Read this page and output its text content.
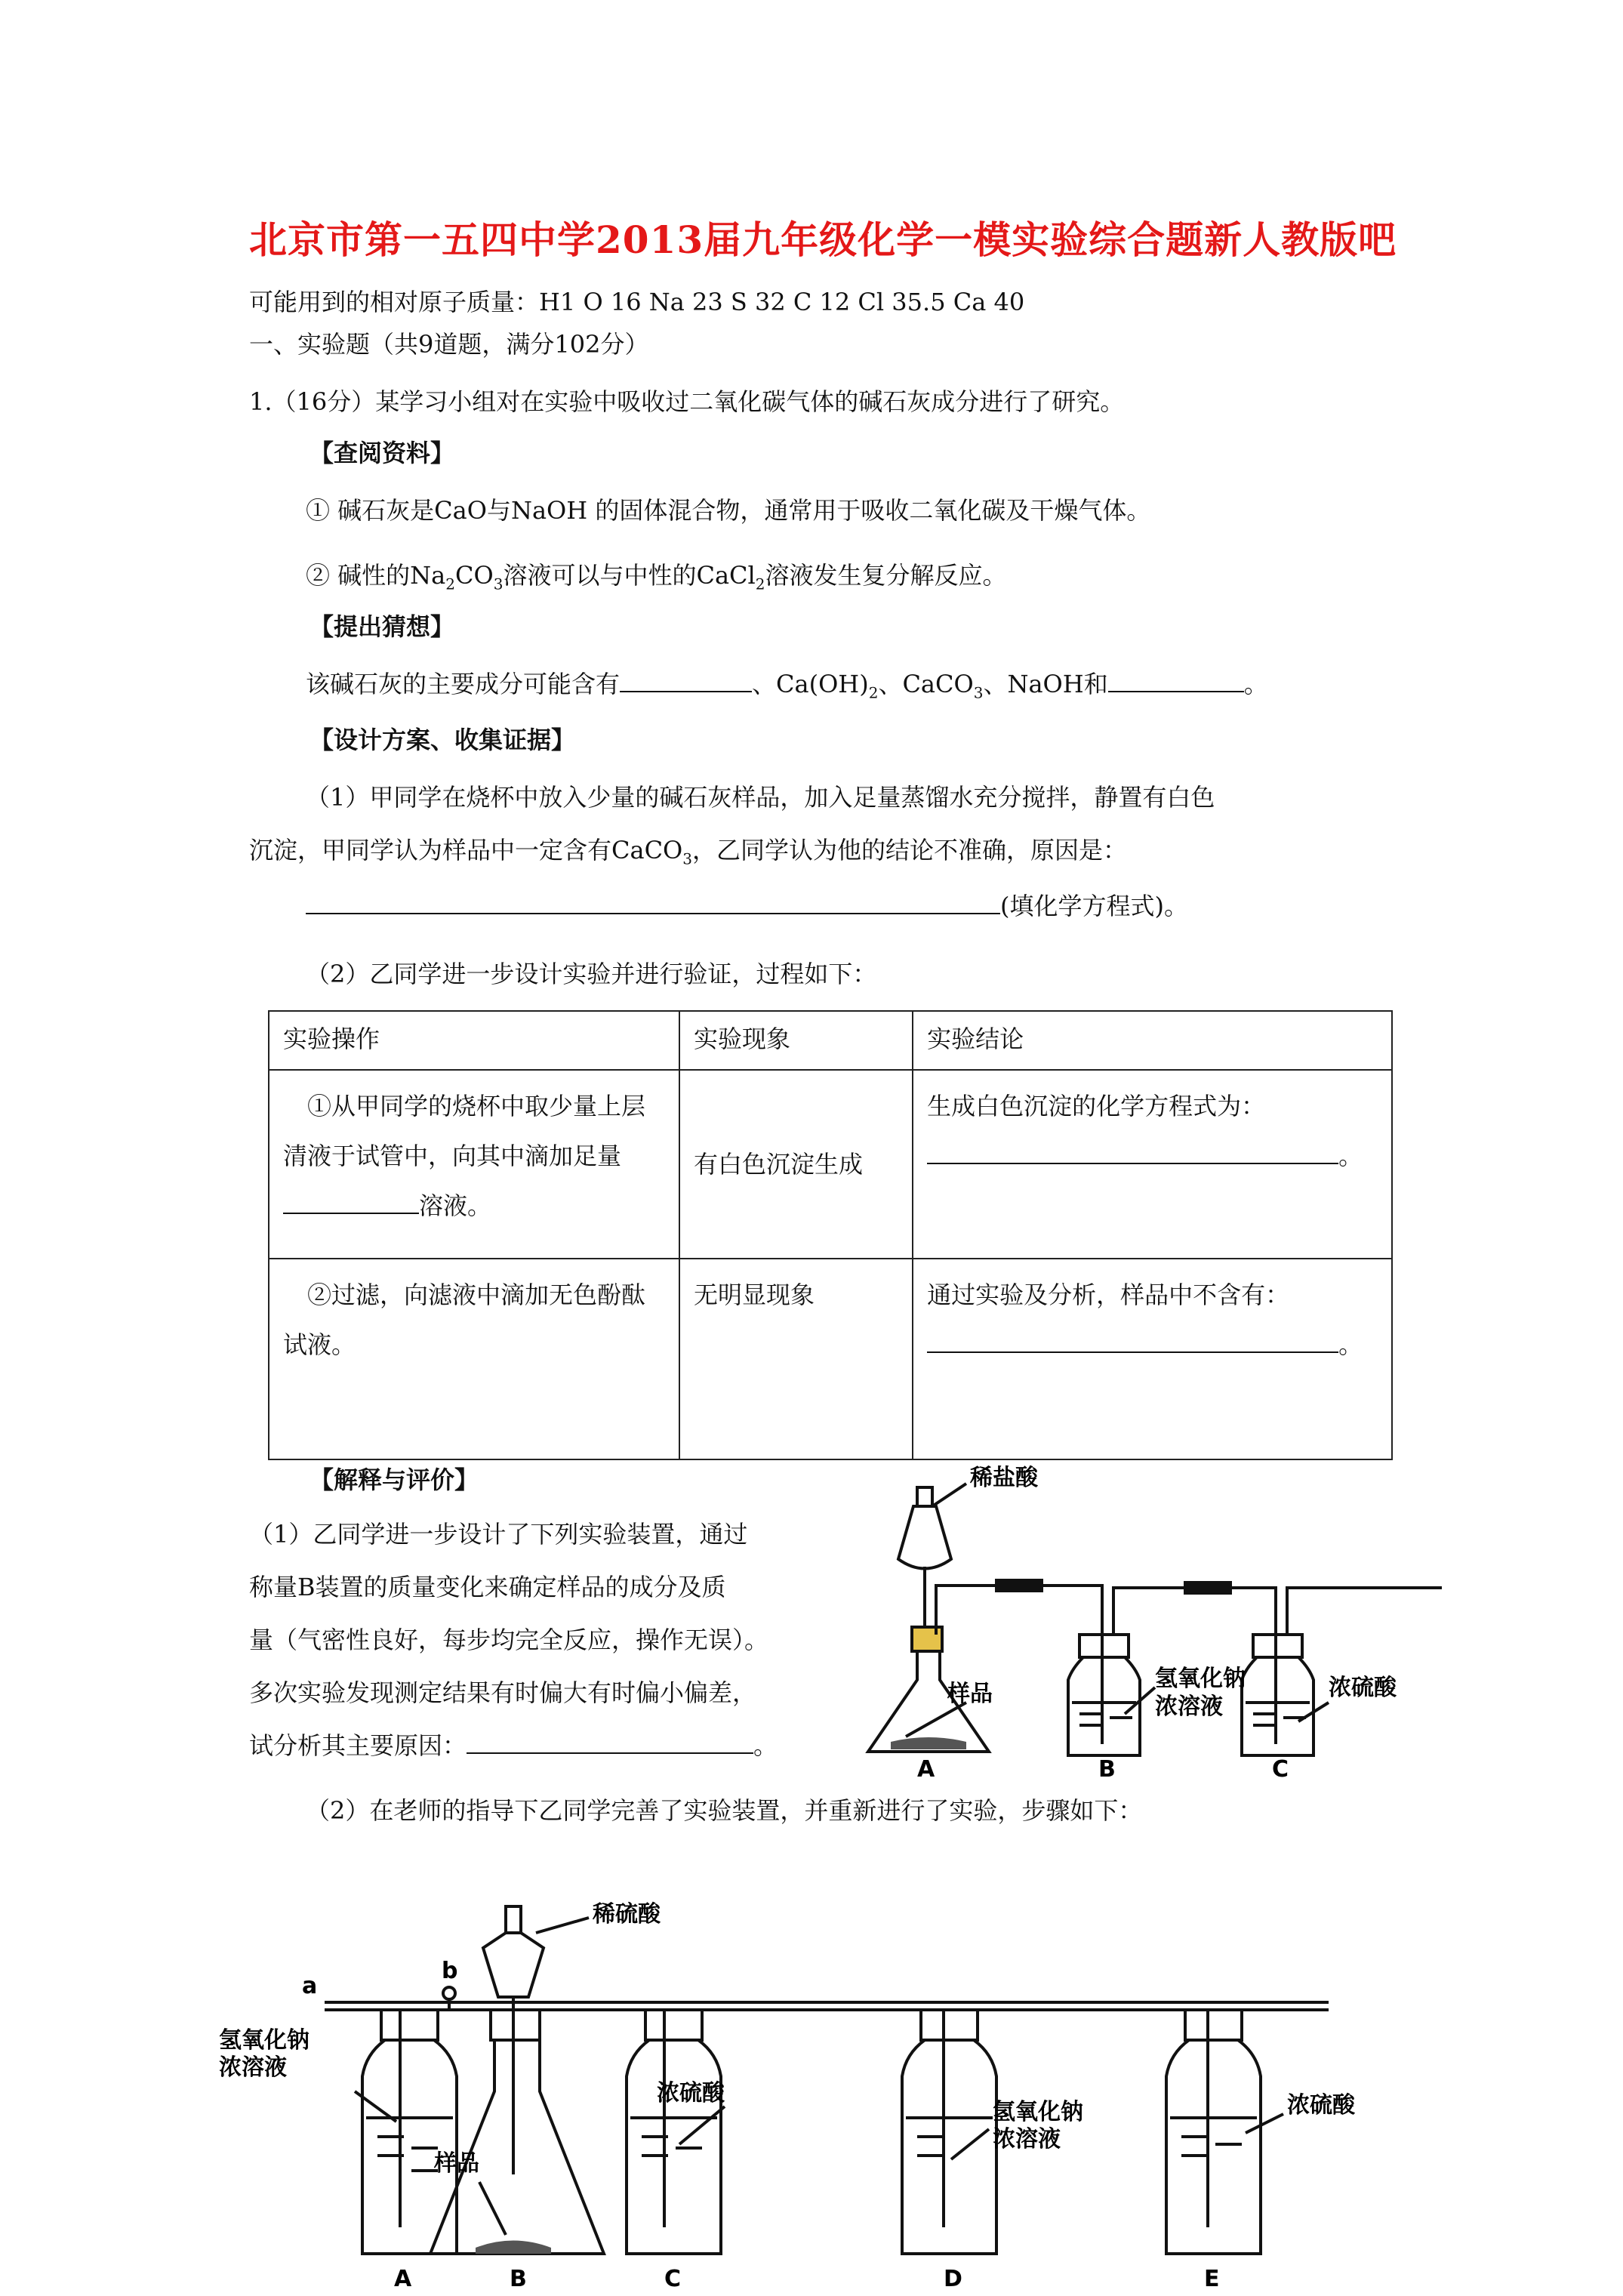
北京市第一五四中学2013届九年级化学一模实验综合题新人教版吧
可能用到的相对原子质量：H1 O 16 Na 23 S 32 C 12 Cl 35.5 Ca 40
一、实验题（共9道题，满分102分）
1.（16分）某学习小组对在实验中吸收过二氧化碳气体的碱石灰成分进行了研究。
【查阅资料】
① 碱石灰是CaO与NaOH 的固体混合物，通常用于吸收二氧化碳及干燥气体。
② 碱性的$Na_2CO_3$溶液可以与中性的CaCl$_2$溶液发生复分解反应。
【提出猜想】
该碱石灰的主要成分可能含有	、$Ca(OH)_2$、CaCO$_3$、NaOH和	。
【设计方案、收集证据】
（1）甲同学在烧杯中放入少量的碱石灰样品，加入足量蒸馏水充分搅拌，静置有白色
沉淀，甲同学认为样品中一定含有CaCO$_3$，乙同学认为他的结论不准确，原因是：
(填化学方程式)。
（2）乙同学进一步设计实验并进行验证，过程如下：
实验操作	实验现象	实验结论
①从甲同学的烧杯中取少量上层清液于试管中，向其中滴加足量溶液。	有白色沉淀生成	生成白色沉淀的化学方程式为：
。

②过滤，向滤液中滴加无色酚酞试液。	无明显现象	通过实验及分析，样品中不含有：
。
【解释与评价】
（1）乙同学进一步设计了下列实验装置，通过
称量B装置的质量变化来确定样品的成分及质
量（气密性良好，每步均完全反应，操作无误）。
多次实验发现测定结果有时偏大有时偏小偏差，
试分析其主要原因：	。
（2）在老师的指导下乙同学完善了实验装置，并重新进行了实验，步骤如下：
稀盐酸
样品
氢氧化钠
浓溶液
浓硫酸
A	B	C
稀硫酸
a
b
氢氧化钠
浓溶液
样品
浓硫酸
氢氧化钠
浓溶液
浓硫酸
A	B	C	D	E
